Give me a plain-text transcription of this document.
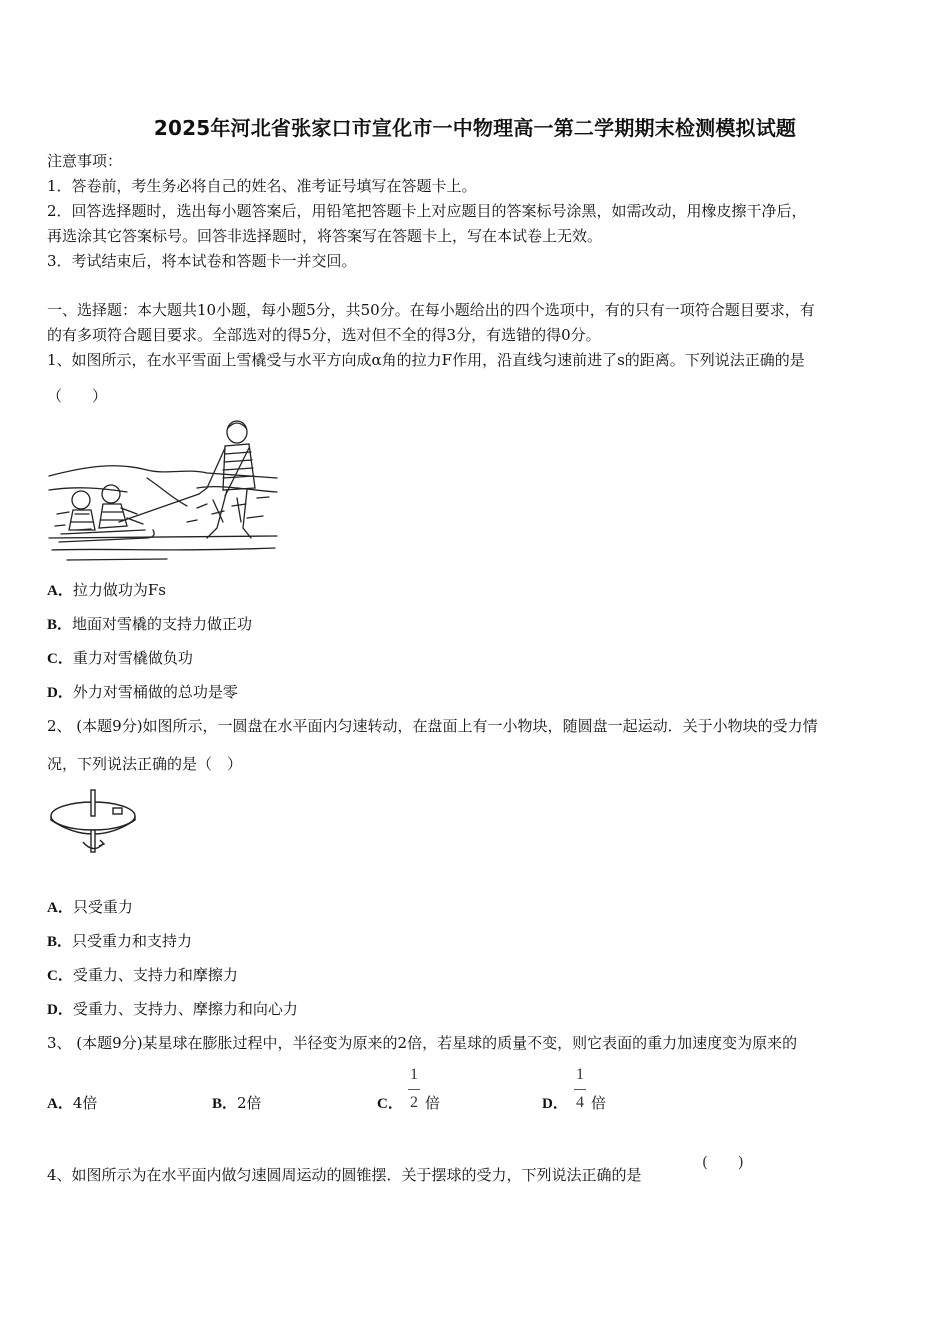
2025年河北省张家口市宣化市一中物理高一第二学期期末检测模拟试题
注意事项：
1．答卷前，考生务必将自己的姓名、准考证号填写在答题卡上。
2．回答选择题时，选出每小题答案后，用铅笔把答题卡上对应题目的答案标号涂黑，如需改动，用橡皮擦干净后，
再选涂其它答案标号。回答非选择题时，将答案写在答题卡上，写在本试卷上无效。
3．考试结束后，将本试卷和答题卡一并交回。
一、选择题：本大题共10小题，每小题5分，共50分。在每小题给出的四个选项中，有的只有一项符合题目要求，有
的有多项符合题目要求。全部选对的得5分，选对但不全的得3分，有选错的得0分。
1、如图所示，在水平雪面上雪橇受与水平方向成α角的拉力F作用，沿直线匀速前进了s的距离。下列说法正确的是
（　　）
A．拉力做功为Fs
B．地面对雪橇的支持力做正功
C．重力对雪橇做负功
D．外力对雪桶做的总功是零
2、 (本题9分)如图所示，一圆盘在水平面内匀速转动，在盘面上有一小物块，随圆盘一起运动．关于小物块的受力情
况，下列说法正确的是（　）
A．只受重力
B．只受重力和支持力
C．受重力、支持力和摩擦力
D．受重力、支持力、摩擦力和向心力
3、 (本题9分)某星球在膨胀过程中，半径变为原来的2倍，若星球的质量不变，则它表面的重力加速度变为原来的
A．4倍	B．2倍	C．
1
2 倍	D．
1
4 倍
4、如图所示为在水平面内做匀速圆周运动的圆锥摆．关于摆球的受力，下列说法正确的是
(　　)
